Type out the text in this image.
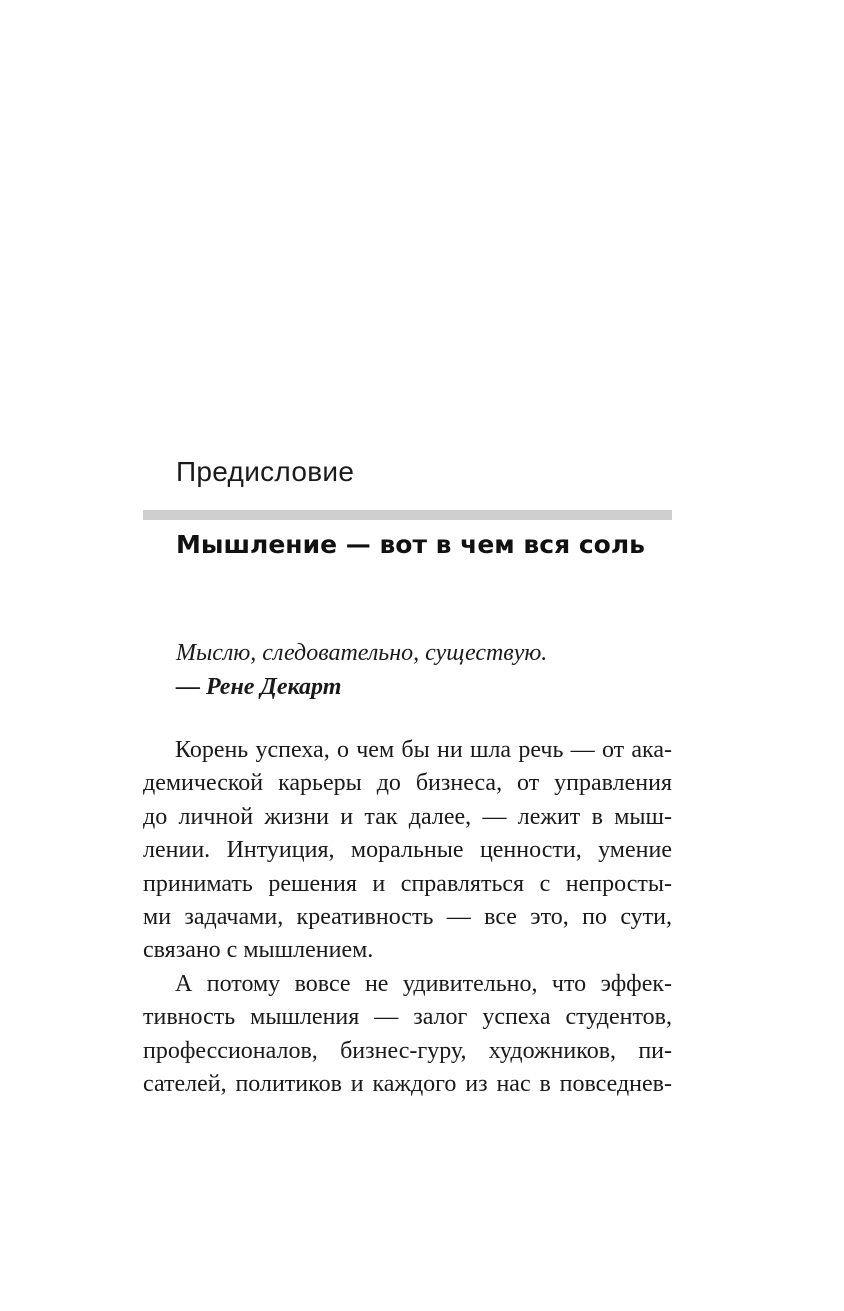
Предисловие
Мышление — вот в чем вся соль
Мыслю, следовательно, существую.
— Рене Декарт

Корень успеха, о чем бы ни шла речь — от ака-
демической карьеры до бизнеса, от управления
до личной жизни и так далее, — лежит в мыш-
лении. Интуиция, моральные ценности, умение
принимать решения и справляться с непросты-
ми задачами, креативность — все это, по сути,
связано с мышлением.

А потому вовсе не удивительно, что эффек-
тивность мышления — залог успеха студентов,
профессионалов, бизнес-гуру, художников, пи-
сателей, политиков и каждого из нас в повседнев-
